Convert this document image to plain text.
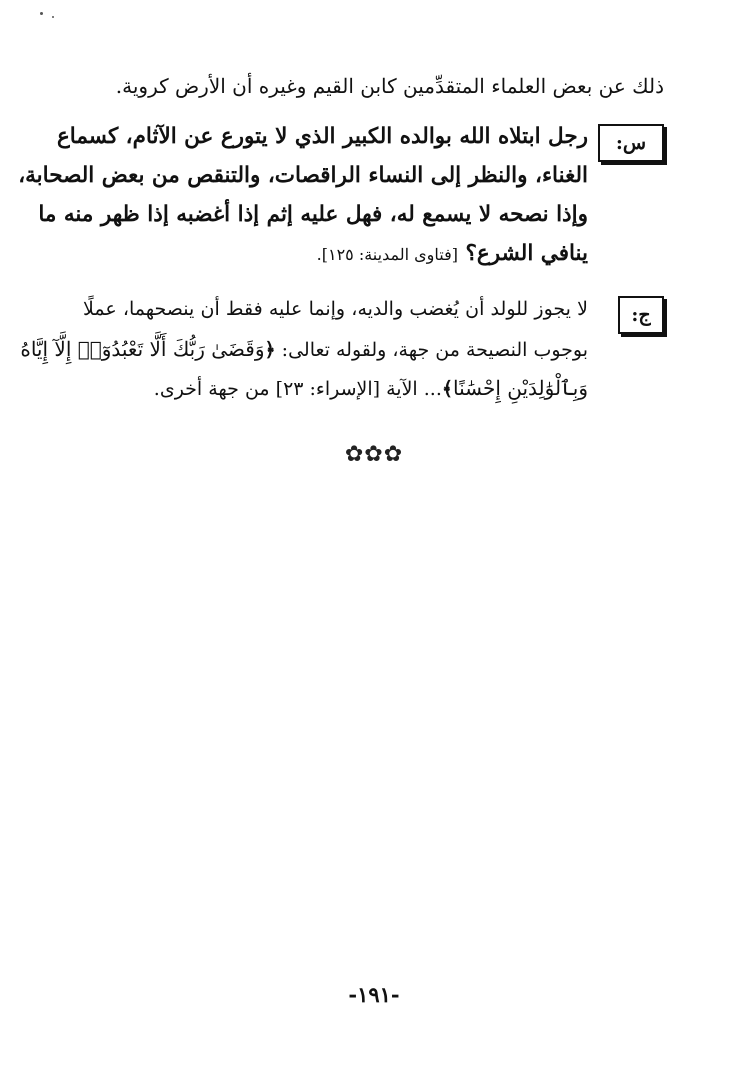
ذلك عن بعض العلماء المتقدِّمين كابن القيم وغيره أن الأرض كروية.
س:
رجل ابتلاه الله بوالده الكبير الذي لا يتورع عن الآثام، كسماع
الغناء، والنظر إلى النساء الراقصات، والتنقص من بعض الصحابة،
وإذا نصحه لا يسمع له، فهل عليه إثم إذا أغضبه إذا ظهر منه ما
ينافي الشرع؟ [فتاوى المدينة: ١٢٥].
ج:
لا يجوز للولد أن يُغضب والديه، وإنما عليه فقط أن ينصحهما، عملًا
بوجوب النصيحة من جهة، ولقوله تعالى: ﴿وَقَضَىٰ رَبُّكَ أَلَّا تَعْبُدُوٓا۟ إِلَّآ إِيَّاهُ
وَبِٱلْوَٰلِدَيْنِ إِحْسَٰنًا﴾... الآية [الإسراء: ٢٣] من جهة أخرى.
✿✿✿
-١٩١-
